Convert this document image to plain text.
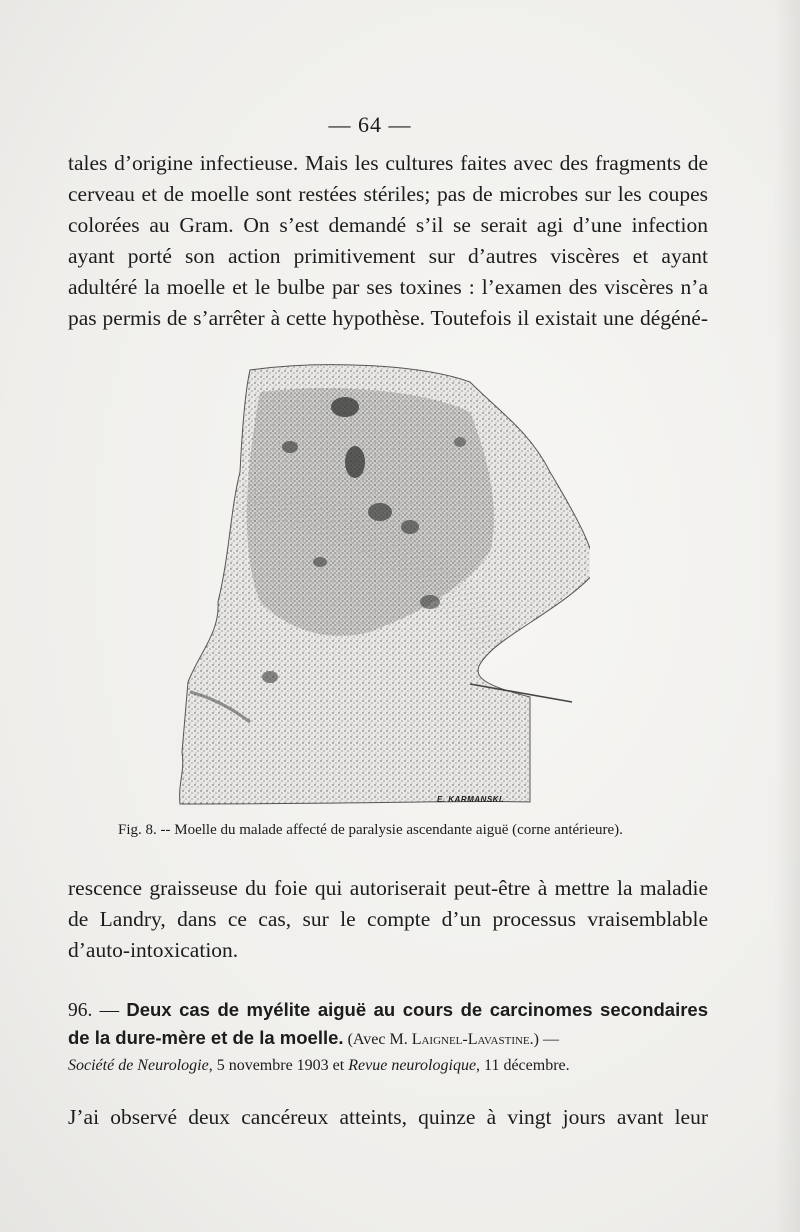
— 64 —
tales d’origine infectieuse. Mais les cultures faites avec des fragments de cerveau et de moelle sont restées stériles; pas de microbes sur les coupes colorées au Gram. On s’est demandé s’il se serait agi d’une infection ayant porté son action primitivement sur d’autres viscères et ayant adultéré la moelle et le bulbe par ses toxines : l’examen des viscères n’a pas permis de s’arrêter à cette hypothèse. Toutefois il existait une dégéné-
E. KARMANSKI.
Fig. 8. -- Moelle du malade affecté de paralysie ascendante aiguë (corne antérieure).
rescence graisseuse du foie qui autoriserait peut-être à mettre la maladie de Landry, dans ce cas, sur le compte d’un processus vraisemblable d’auto-intoxication.
96. — Deux cas de myélite aiguë au cours de carcinomes secondaires de la dure-mère et de la moelle. (Avec M. Laignel-Lavastine.) —
Société de Neurologie, 5 novembre 1903 et Revue neurologique, 11 décembre.
J’ai observé deux cancéreux atteints, quinze à vingt jours avant leur
